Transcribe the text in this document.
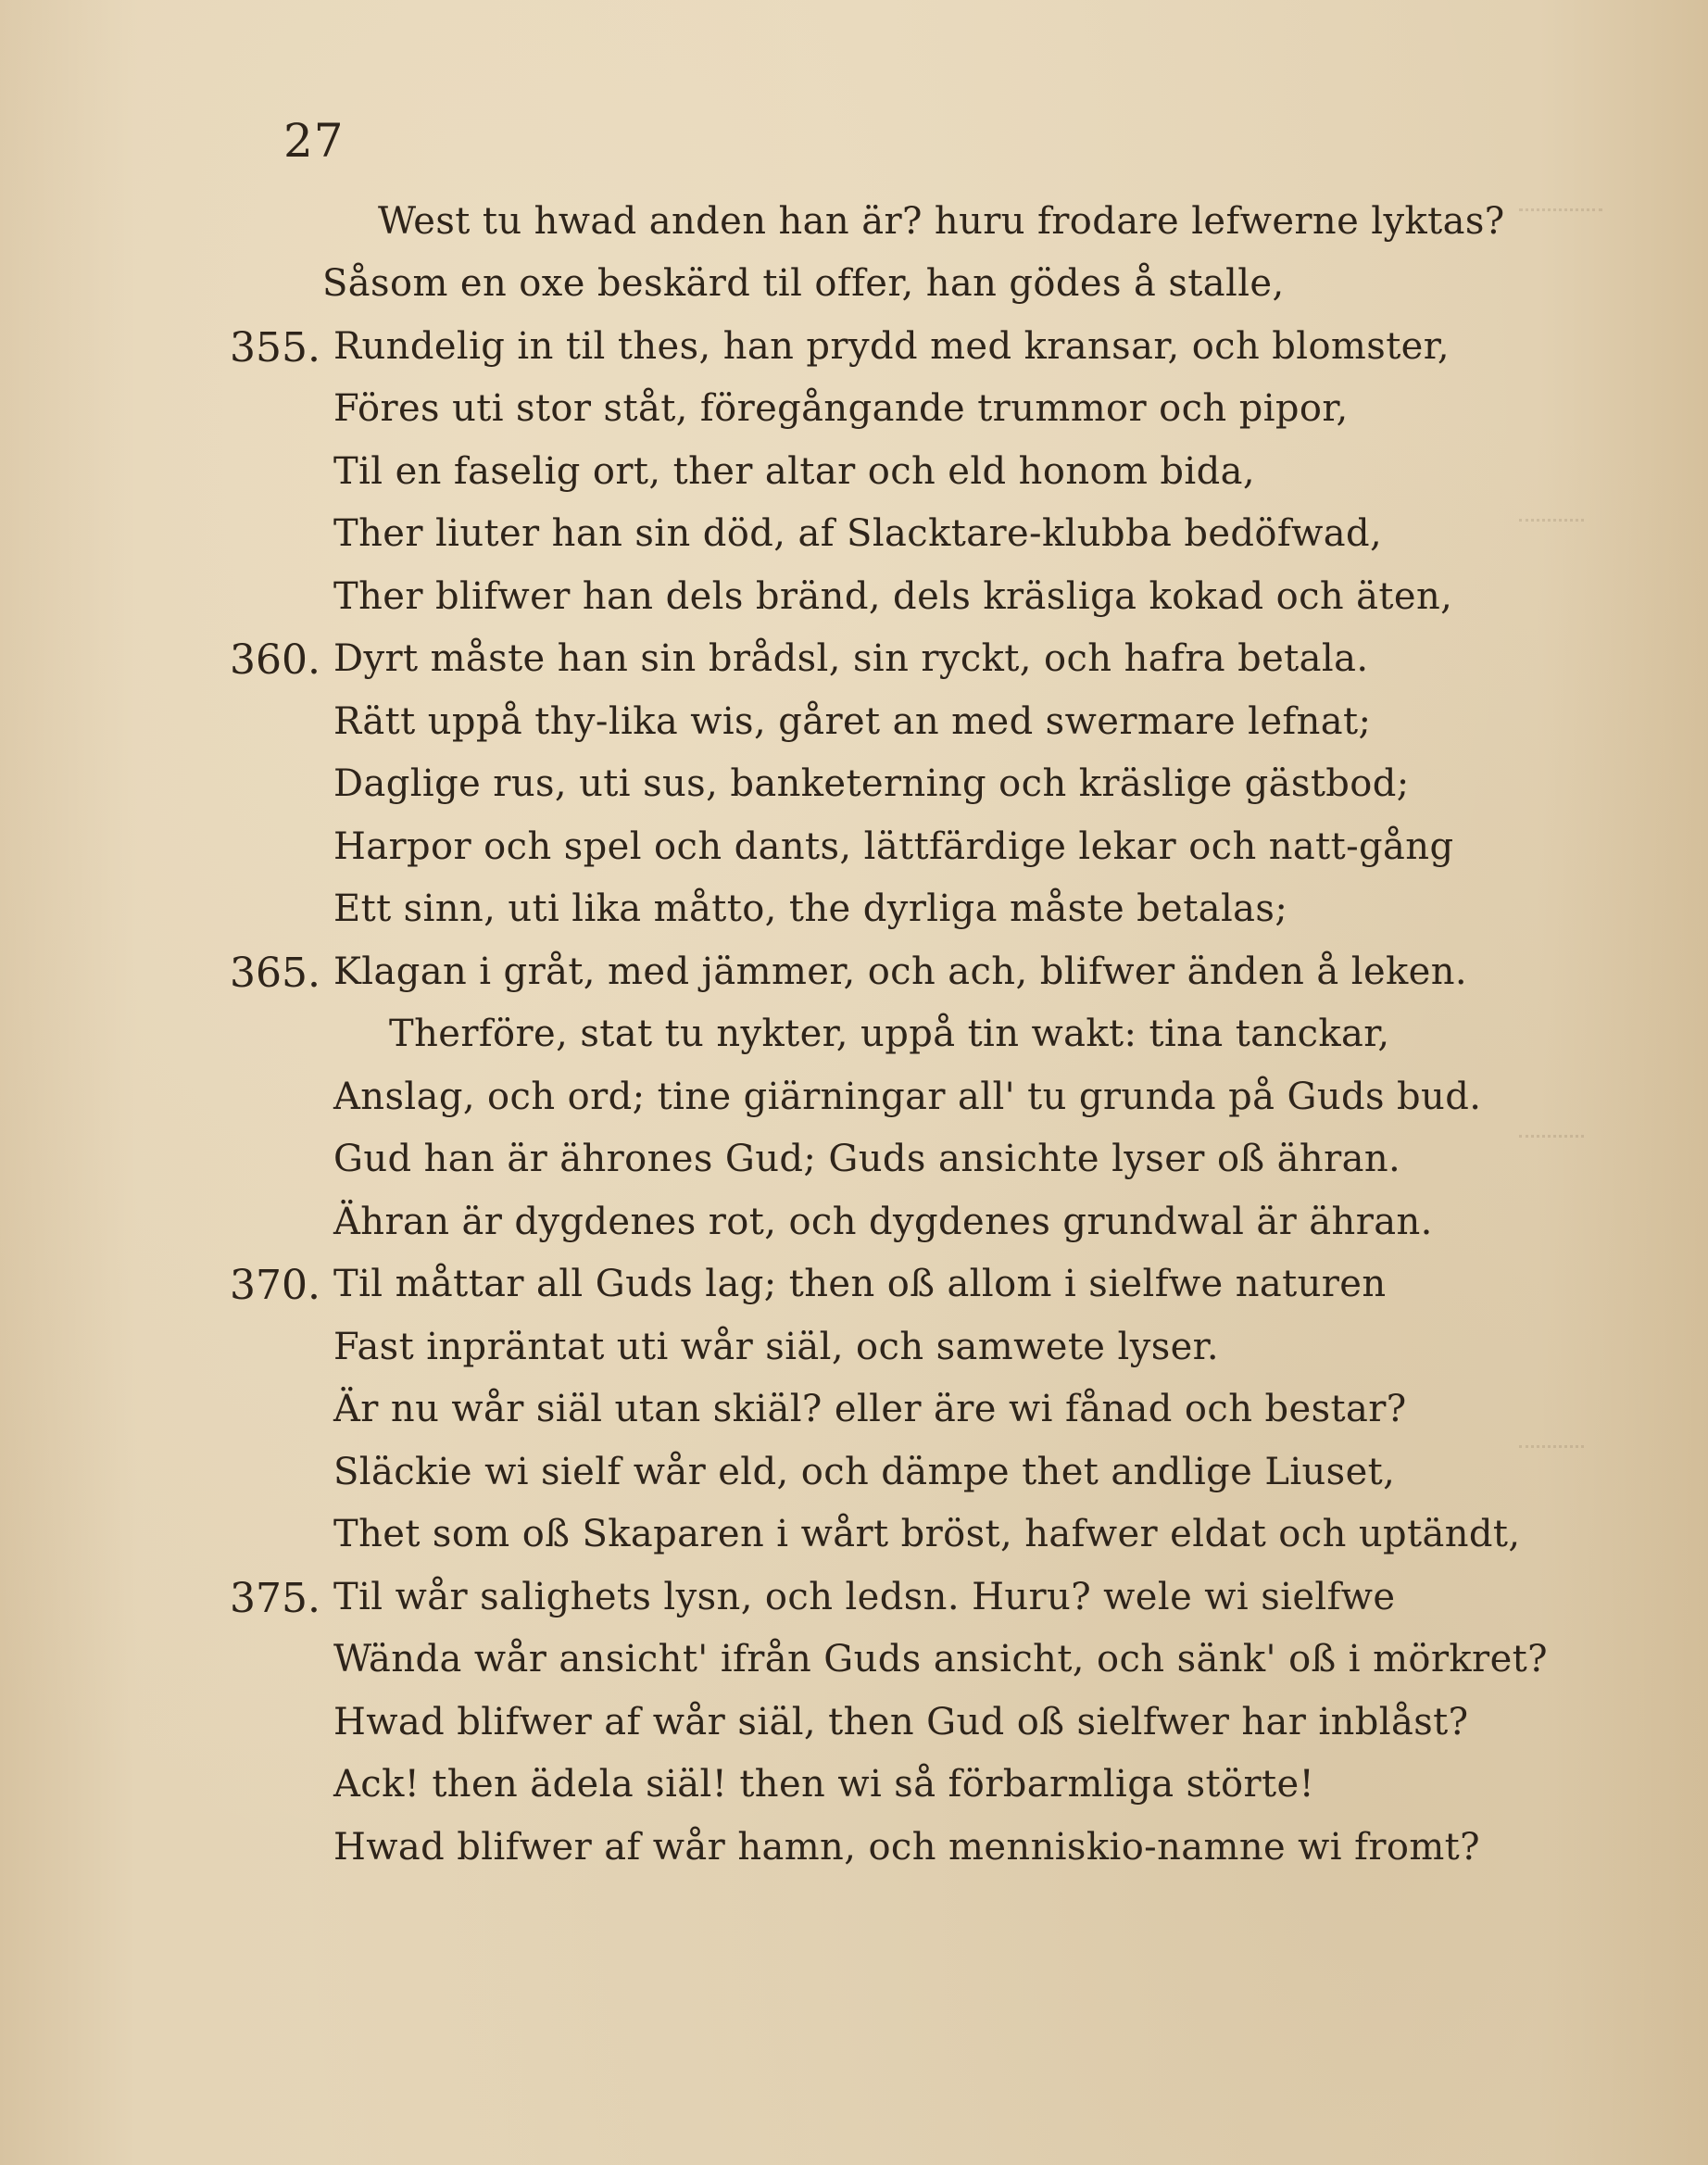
27
West tu hwad anden han är? huru frodare lefwerne lyktas?
Såsom en oxe beskärd til offer, han gödes å stalle,
355. Rundelig in til thes, han prydd med kransar, och blomster,
Föres uti stor ståt, föregångande trummor och pipor,
Til en faselig ort, ther altar och eld honom bida,
Ther liuter han sin död, af Slacktare-klubba bedöfwad,
Ther blifwer han dels bränd, dels kräsliga kokad och äten,
360. Dyrt måste han sin brådsl, sin ryckt, och hafra betala.
Rätt uppå thy-lika wis, gåret an med swermare lefnat;
Daglige rus, uti sus, banketerning och kräslige gästbod;
Harpor och spel och dants, lättfärdige lekar och natt-gång
Ett sinn, uti lika måtto, the dyrliga måste betalas;
365. Klagan i gråt, med jämmer, och ach, blifwer änden å leken.
Therföre, stat tu nykter, uppå tin wakt: tina tanckar,
Anslag, och ord; tine giärningar all' tu grunda på Guds bud.
Gud han är ährones Gud; Guds ansichte lyser oß ähran.
Ähran är dygdenes rot, och dygdenes grundwal är ähran.
370. Til måttar all Guds lag; then oß allom i sielfwe naturen
Fast inpräntat uti wår siäl, och samwete lyser.
Är nu wår siäl utan skiäl? eller äre wi fånad och bestar?
Släckie wi sielf wår eld, och dämpe thet andlige Liuset,
Thet som oß Skaparen i wårt bröst, hafwer eldat och uptändt,
375. Til wår salighets lysn, och ledsn. Huru? wele wi sielfwe
Wända wår ansicht' ifrån Guds ansicht, och sänk' oß i mörkret?
Hwad blifwer af wår siäl, then Gud oß sielfwer har inblåst?
Ack! then ädela siäl! then wi så förbarmliga störte!
Hwad blifwer af wår hamn, och menniskio-namne wi fromt?
